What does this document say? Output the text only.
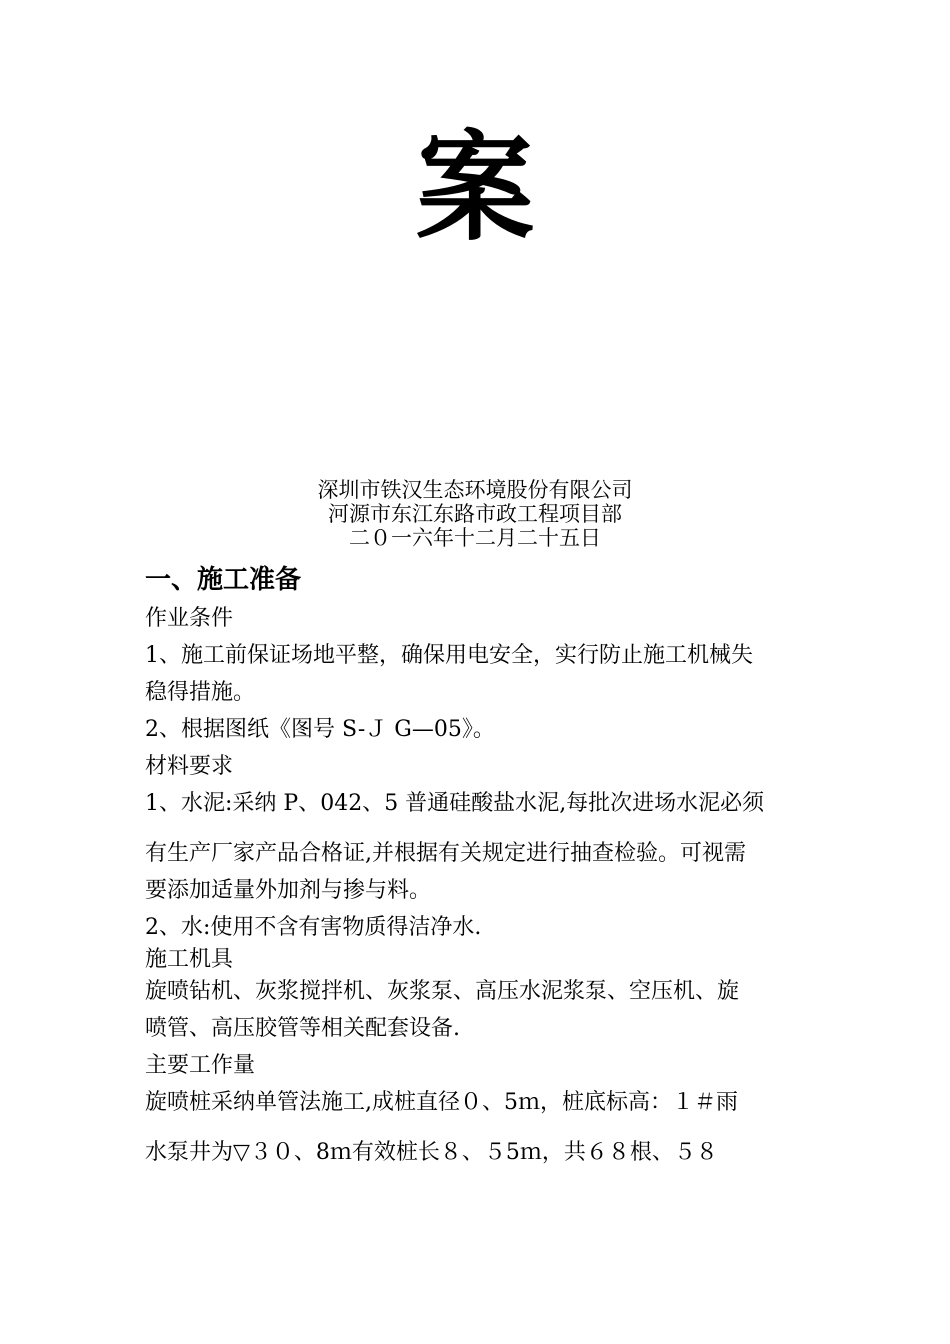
案
深圳市铁汉生态环境股份有限公司
河源市东江东路市政工程项目部
二０一六年十二月二十五日
一、施工准备
作业条件
1、施工前保证场地平整，确保用电安全，实行防止施工机械失
稳得措施。
2、根据图纸《图号 S-Ｊ G—05》。
材料要求
1、水泥:采纳 P、042、5 普通硅酸盐水泥,每批次进场水泥必须
有生产厂家产品合格证,并根据有关规定进行抽查检验。可视需
要添加适量外加剂与掺与料。
2、水:使用不含有害物质得洁净水.
施工机具
旋喷钻机、灰浆搅拌机、灰浆泵、高压水泥浆泵、空压机、旋
喷管、高压胶管等相关配套设备.
主要工作量
旋喷桩采纳单管法施工,成桩直径０、5ｍ，桩底标高：１＃雨
水泵井为▽３０、8ｍ有效桩长８、５5ｍ，共６８根、５８
